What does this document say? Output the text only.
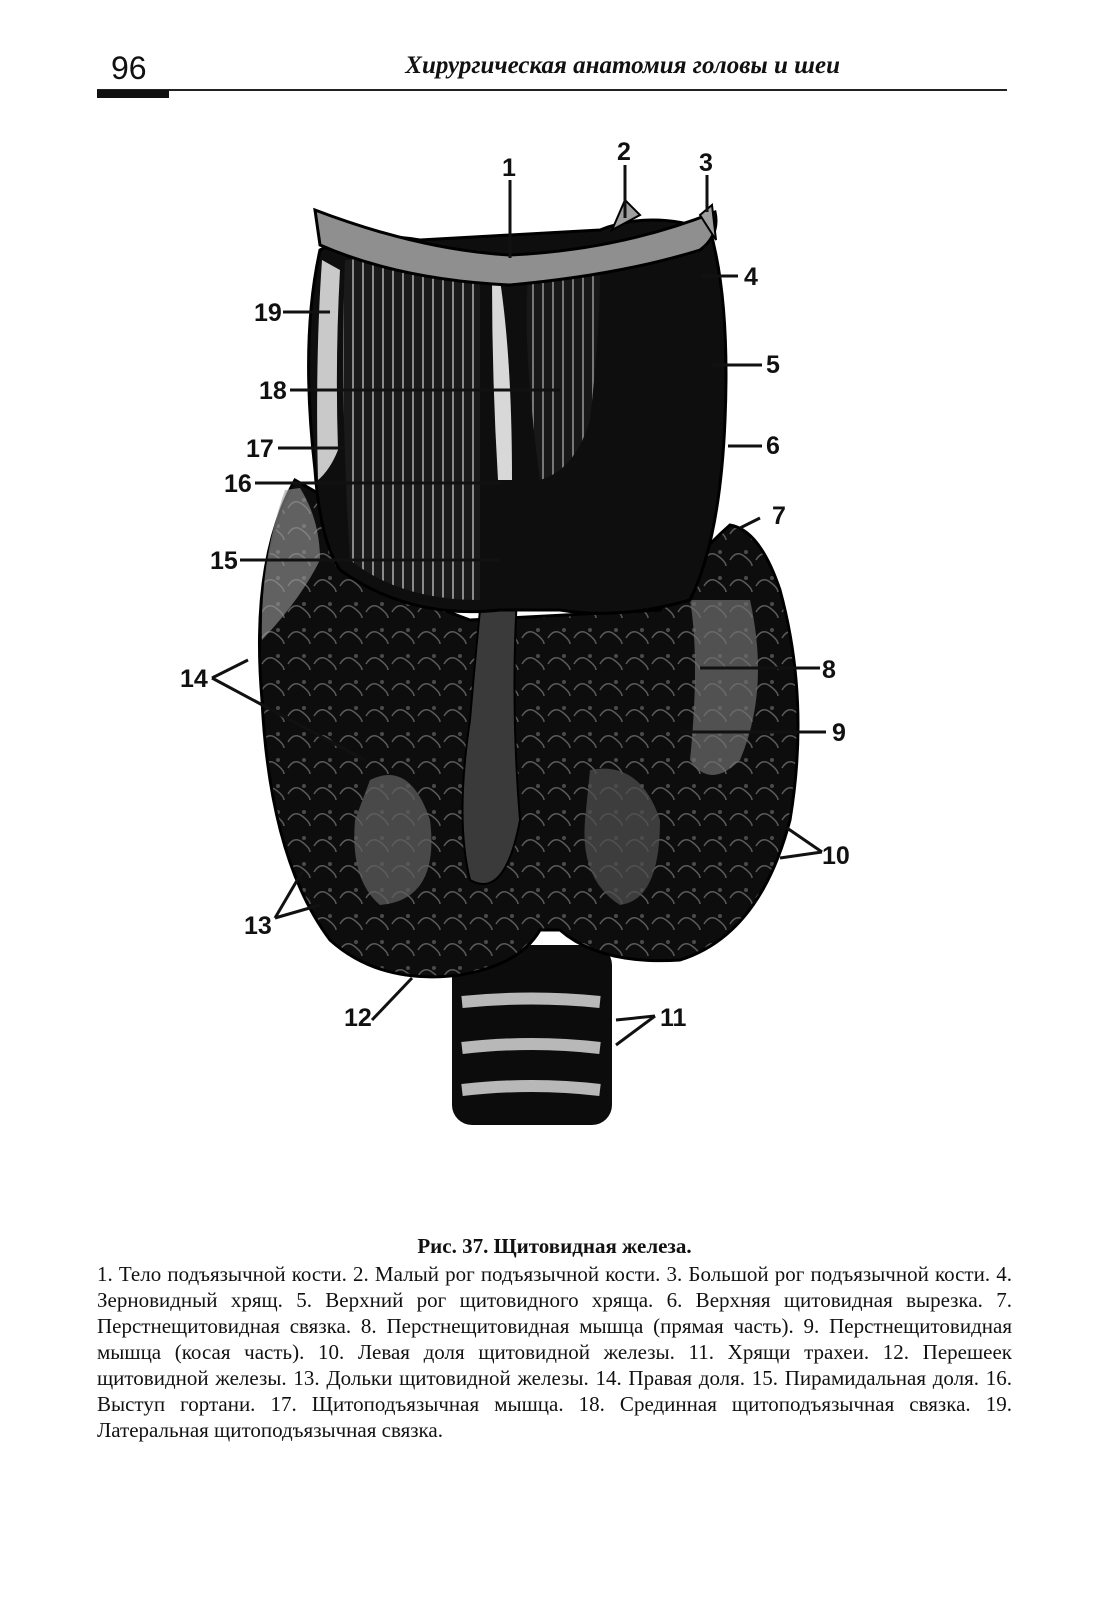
96	Хирургическая анатомия головы и шеи
1
2	3
4
5
6
7
8
9
10
11
12
13
14
15
16
17
18
19
Рис. 37. Щитовидная железа.
1. Тело подъязычной кости. 2. Малый рог подъязычной кости. 3. Большой рог подъязычной кости. 4. Зерновидный хрящ. 5. Верхний рог щитовидного хряща. 6. Верхняя щитовидная вырезка. 7. Перстнещитовидная связка. 8. Перстнещитовидная мышца (прямая часть). 9. Перстнещитовидная мышца (косая часть). 10. Левая доля щитовидной железы. 11. Хрящи трахеи. 12. Перешеек щитовидной железы. 13. Дольки щитовидной железы. 14. Правая доля. 15. Пирамидальная доля. 16. Выступ гортани. 17. Щитоподъязычная мышца. 18. Срединная щитоподъязычная связка. 19. Латеральная щитоподъязычная связка.
